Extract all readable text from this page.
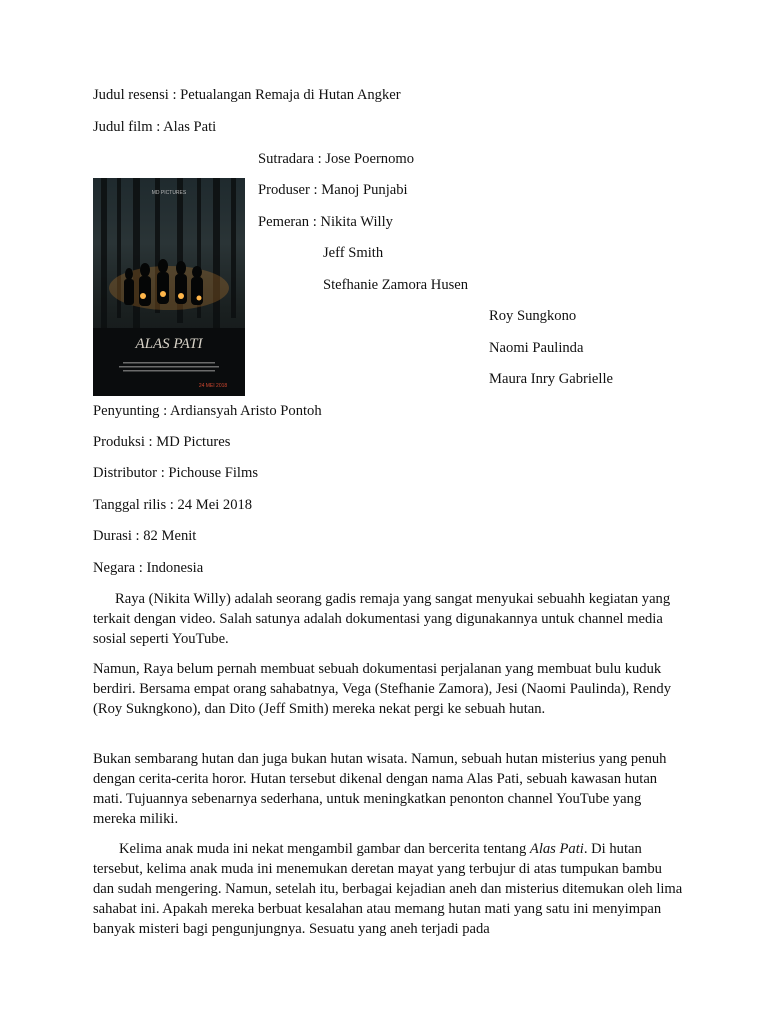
Judul resensi : Petualangan Remaja di Hutan Angker
Judul film : Alas Pati
Sutradara : Jose Poernomo
MD PICTURES
ALAS PATI
24 MEI 2018
Produser : Manoj Punjabi
Pemeran : Nikita Willy
Jeff Smith
Stefhanie Zamora Husen
Roy Sungkono
Naomi Paulinda
Maura Inry Gabrielle
Penyunting : Ardiansyah Aristo Pontoh
Produksi : MD Pictures
Distributor : Pichouse Films
Tanggal rilis : 24 Mei 2018
Durasi : 82 Menit
Negara : Indonesia

Raya (Nikita Willy) adalah seorang gadis remaja yang sangat menyukai sebuahh kegiatan yang terkait dengan video. Salah satunya adalah dokumentasi yang digunakannya untuk channel media sosial seperti YouTube.

Namun, Raya belum pernah membuat sebuah dokumentasi perjalanan yang membuat bulu kuduk berdiri. Bersama empat orang sahabatnya, Vega (Stefhanie Zamora), Jesi (Naomi Paulinda), Rendy (Roy Sukngkono), dan Dito (Jeff Smith) mereka nekat pergi ke sebuah hutan.

Bukan sembarang hutan dan juga bukan hutan wisata. Namun, sebuah hutan misterius yang penuh dengan cerita-cerita horor. Hutan tersebut dikenal dengan nama Alas Pati, sebuah kawasan hutan mati. Tujuannya sebenarnya sederhana, untuk meningkatkan penonton channel YouTube yang mereka miliki.

Kelima anak muda ini nekat mengambil gambar dan bercerita tentang Alas Pati. Di hutan tersebut, kelima anak muda ini menemukan deretan mayat yang terbujur di atas tumpukan bambu dan sudah mengering. Namun, setelah itu, berbagai kejadian aneh dan misterius ditemukan oleh lima sahabat ini. Apakah mereka berbuat kesalahan atau memang hutan mati yang satu ini menyimpan banyak misteri bagi pengunjungnya. Sesuatu yang aneh terjadi pada
